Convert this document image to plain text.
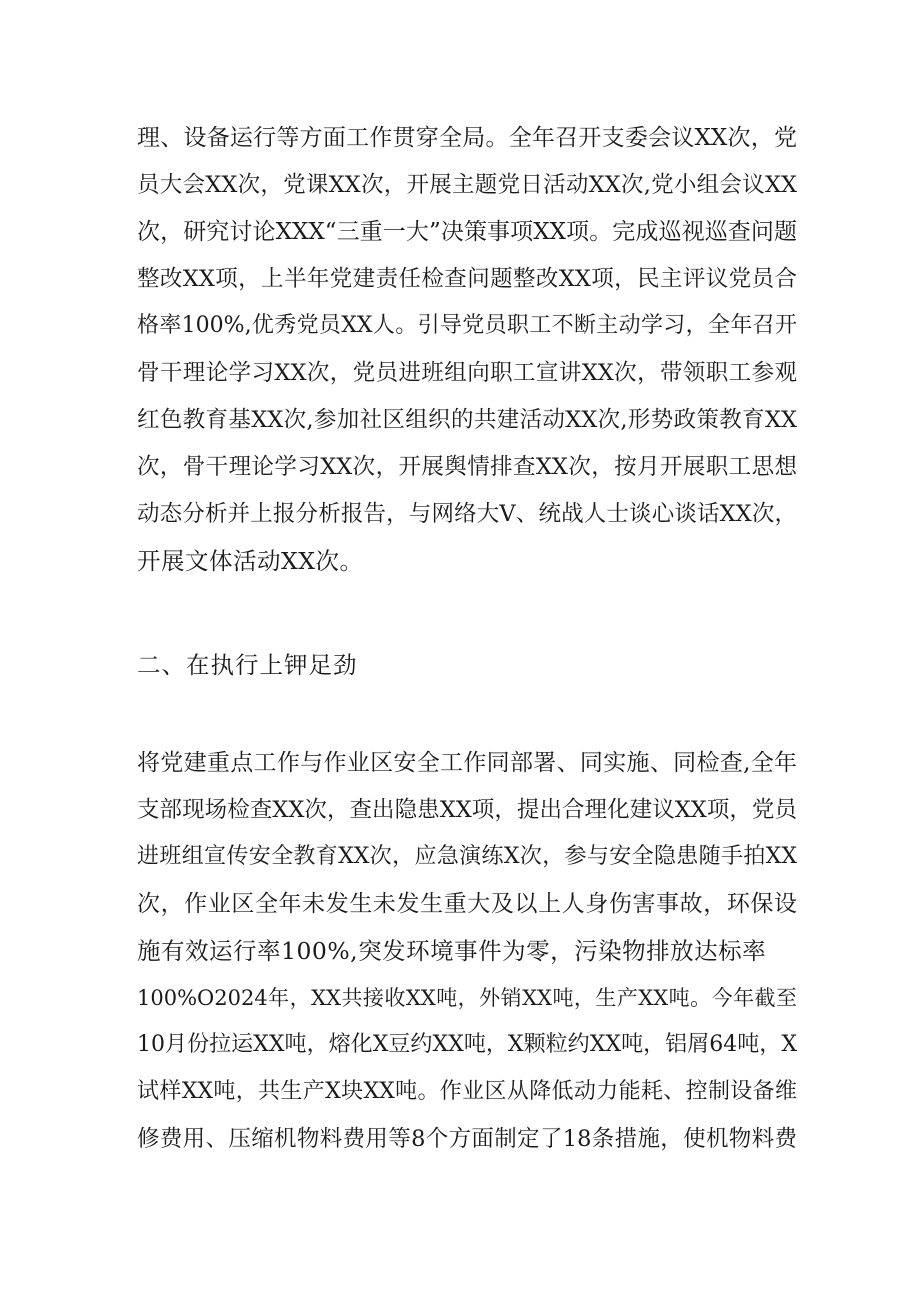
理、设备运行等方面工作贯穿全局。全年召开支委会议XX次，党
员大会XX次，党课XX次，开展主题党日活动XX次,党小组会议XX
次，研究讨论XXX“三重一大”决策事项XX项。完成巡视巡查问题
整改XX项，上半年党建责任检查问题整改XX项，民主评议党员合
格率100%,优秀党员XX人。引导党员职工不断主动学习，全年召开
骨干理论学习XX次，党员进班组向职工宣讲XX次，带领职工参观
红色教育基XX次,参加社区组织的共建活动XX次,形势政策教育XX
次，骨干理论学习XX次，开展舆情排查XX次，按月开展职工思想
动态分析并上报分析报告，与网络大V、统战人士谈心谈话XX次，
开展文体活动XX次。
二、在执行上钾足劲
将党建重点工作与作业区安全工作同部署、同实施、同检查,全年
支部现场检查XX次，查出隐患XX项，提出合理化建议XX项，党员
进班组宣传安全教育XX次，应急演练X次，参与安全隐患随手拍XX
次，作业区全年未发生未发生重大及以上人身伤害事故，环保设
施有效运行率100%,突发环境事件为零，污染物排放达标率
100%O2024年，XX共接收XX吨，外销XX吨，生产XX吨。今年截至
10月份拉运XX吨，熔化X豆约XX吨，X颗粒约XX吨，铝屑64吨，X
试样XX吨，共生产X块XX吨。作业区从降低动力能耗、控制设备维
修费用、压缩机物料费用等8个方面制定了18条措施，使机物料费
